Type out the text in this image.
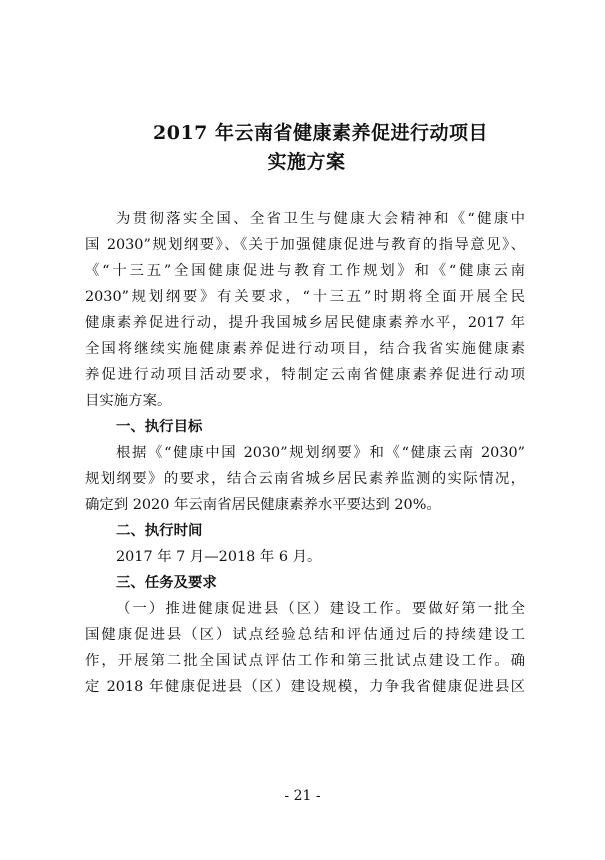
2017 年云南省健康素养促进行动项目
实施方案
为贯彻落实全国、全省卫生与健康大会精神和《“健康中
国 2030”规划纲要》、《关于加强健康促进与教育的指导意见》、
《“十三五”全国健康促进与教育工作规划》和《“健康云南
2030”规划纲要》有关要求，“十三五”时期将全面开展全民
健康素养促进行动，提升我国城乡居民健康素养水平，2017 年
全国将继续实施健康素养促进行动项目，结合我省实施健康素
养促进行动项目活动要求，特制定云南省健康素养促进行动项
目实施方案。
一、执行目标
根据《“健康中国 2030”规划纲要》和《“健康云南 2030”
规划纲要》的要求，结合云南省城乡居民素养监测的实际情况，
确定到 2020 年云南省居民健康素养水平要达到 20%。
二、执行时间
2017 年 7 月—2018 年 6 月。
三、任务及要求
（一）推进健康促进县（区）建设工作。要做好第一批全
国健康促进县（区）试点经验总结和评估通过后的持续建设工
作，开展第二批全国试点评估工作和第三批试点建设工作。确
定 2018 年健康促进县（区）建设规模，力争我省健康促进县区
- 21 -
